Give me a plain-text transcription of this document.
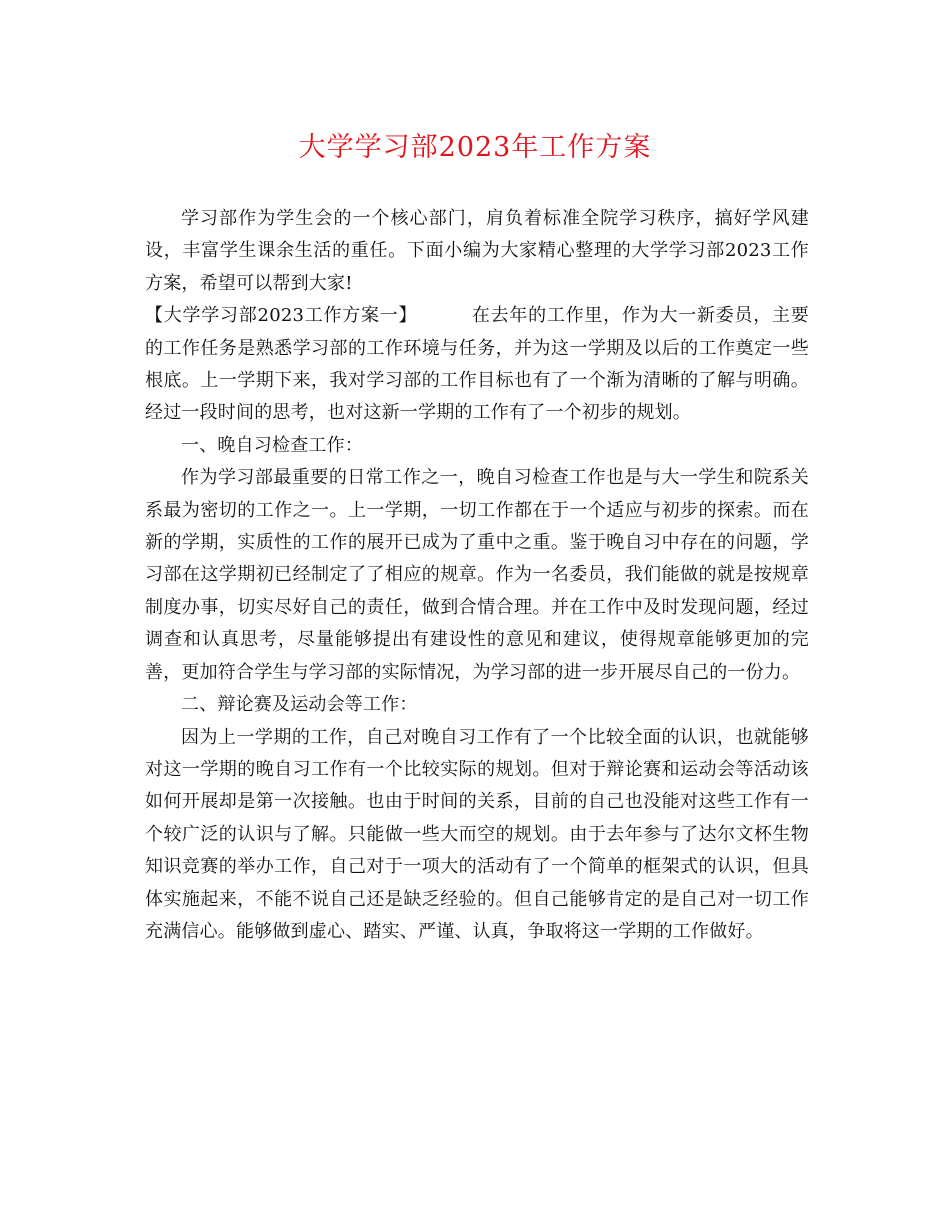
大学学习部2023年工作方案

学习部作为学生会的一个核心部门，肩负着标准全院学习秩序，搞好学风建设，丰富学生课余生活的重任。下面小编为大家精心整理的大学学习部2023工作方案，希望可以帮到大家!

【大学学习部2023工作方案一】	在去年的工作里，作为大一新委员，主要的工作任务是熟悉学习部的工作环境与任务，并为这一学期及以后的工作奠定一些根底。上一学期下来，我对学习部的工作目标也有了一个渐为清晰的了解与明确。经过一段时间的思考，也对这新一学期的工作有了一个初步的规划。

一、晚自习检查工作：

作为学习部最重要的日常工作之一，晚自习检查工作也是与大一学生和院系关系最为密切的工作之一。上一学期，一切工作都在于一个适应与初步的探索。而在新的学期，实质性的工作的展开已成为了重中之重。鉴于晚自习中存在的问题，学习部在这学期初已经制定了了相应的规章。作为一名委员，我们能做的就是按规章制度办事，切实尽好自己的责任，做到合情合理。并在工作中及时发现问题，经过调查和认真思考，尽量能够提出有建设性的意见和建议，使得规章能够更加的完善，更加符合学生与学习部的实际情况，为学习部的进一步开展尽自己的一份力。

二、辩论赛及运动会等工作：

因为上一学期的工作，自己对晚自习工作有了一个比较全面的认识，也就能够对这一学期的晚自习工作有一个比较实际的规划。但对于辩论赛和运动会等活动该如何开展却是第一次接触。也由于时间的关系，目前的自己也没能对这些工作有一个较广泛的认识与了解。只能做一些大而空的规划。由于去年参与了达尔文杯生物知识竞赛的举办工作，自己对于一项大的活动有了一个简单的框架式的认识，但具体实施起来，不能不说自己还是缺乏经验的。但自己能够肯定的是自己对一切工作充满信心。能够做到虚心、踏实、严谨、认真，争取将这一学期的工作做好。
